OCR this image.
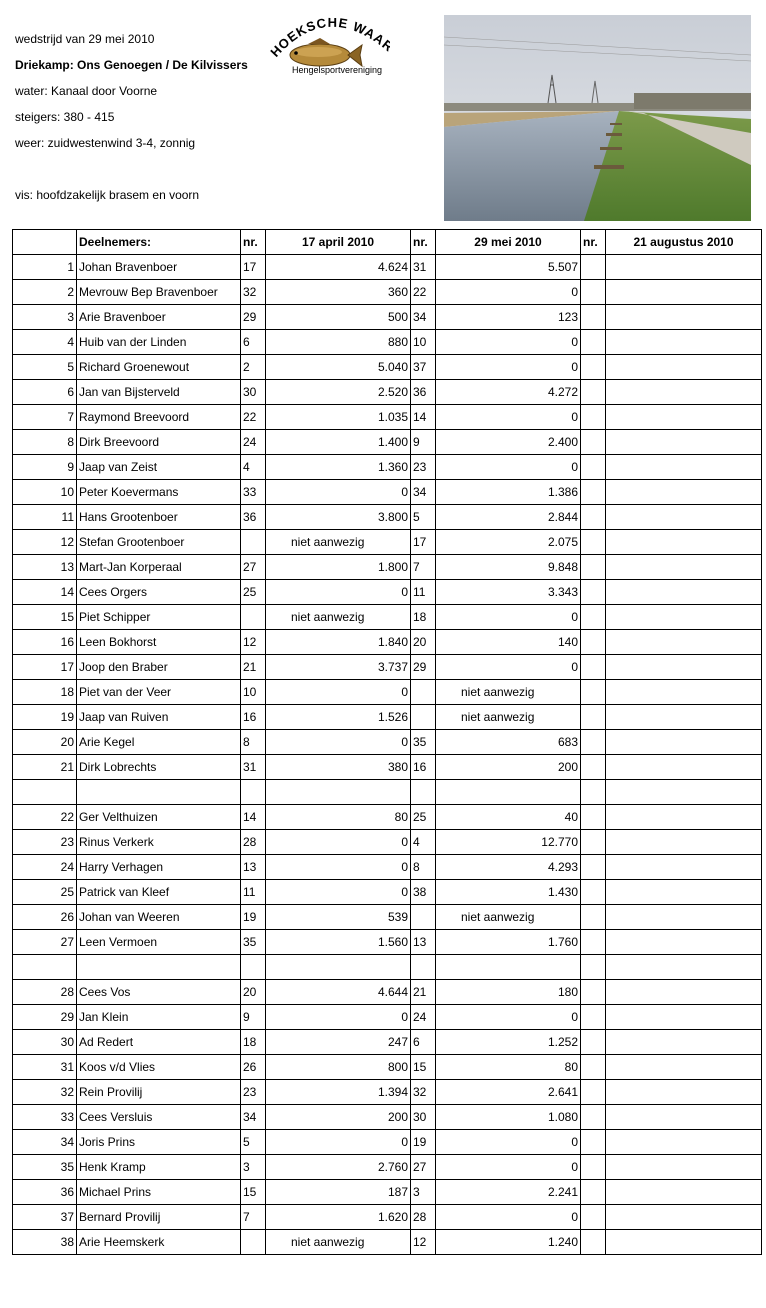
wedstrijd van 29 mei 2010
Driekamp: Ons Genoegen / De Kilvissers
water: Kanaal door Voorne
steigers: 380 - 415
weer: zuidwestenwind 3-4, zonnig
vis: hoofdzakelijk brasem en voorn
HOEKSCHE WAA
Hengelsportvereniging
	Deelnemers:	nr.	17 april 2010	nr.	29 mei 2010	nr.	21 augustus 2010
1	Johan Bravenboer	17	4.624	31	5.507		
2	Mevrouw Bep Bravenboer	32	360	22	0		
3	Arie Bravenboer	29	500	34	123		
4	Huib van der Linden	6	880	10	0		
5	Richard Groenewout	2	5.040	37	0		
6	Jan van Bijsterveld	30	2.520	36	4.272		
7	Raymond Breevoord	22	1.035	14	0		
8	Dirk Breevoord	24	1.400	9	2.400		
9	Jaap van Zeist	4	1.360	23	0		
10	Peter Koevermans	33	0	34	1.386		
11	Hans Grootenboer	36	3.800	5	2.844		
12	Stefan Grootenboer		niet aanwezig	17	2.075		
13	Mart-Jan Korperaal	27	1.800	7	9.848		
14	Cees Orgers	25	0	11	3.343		
15	Piet Schipper		niet aanwezig	18	0		
16	Leen Bokhorst	12	1.840	20	140		
17	Joop den Braber	21	3.737	29	0		
18	Piet van der Veer	10	0		niet aanwezig		
19	Jaap van Ruiven	16	1.526		niet aanwezig		
20	Arie Kegel	8	0	35	683		
21	Dirk Lobrechts	31	380	16	200		

22	Ger Velthuizen	14	80	25	40		
23	Rinus Verkerk	28	0	4	12.770		
24	Harry Verhagen	13	0	8	4.293		
25	Patrick van Kleef	11	0	38	1.430		
26	Johan van Weeren	19	539		niet aanwezig		
27	Leen Vermoen	35	1.560	13	1.760		

28	Cees Vos	20	4.644	21	180		
29	Jan Klein	9	0	24	0		
30	Ad Redert	18	247	6	1.252		
31	Koos v/d Vlies	26	800	15	80		
32	Rein Provilij	23	1.394	32	2.641		
33	Cees Versluis	34	200	30	1.080		
34	Joris Prins	5	0	19	0		
35	Henk Kramp	3	2.760	27	0		
36	Michael Prins	15	187	3	2.241		
37	Bernard Provilij	7	1.620	28	0		
38	Arie Heemskerk		niet aanwezig	12	1.240		
